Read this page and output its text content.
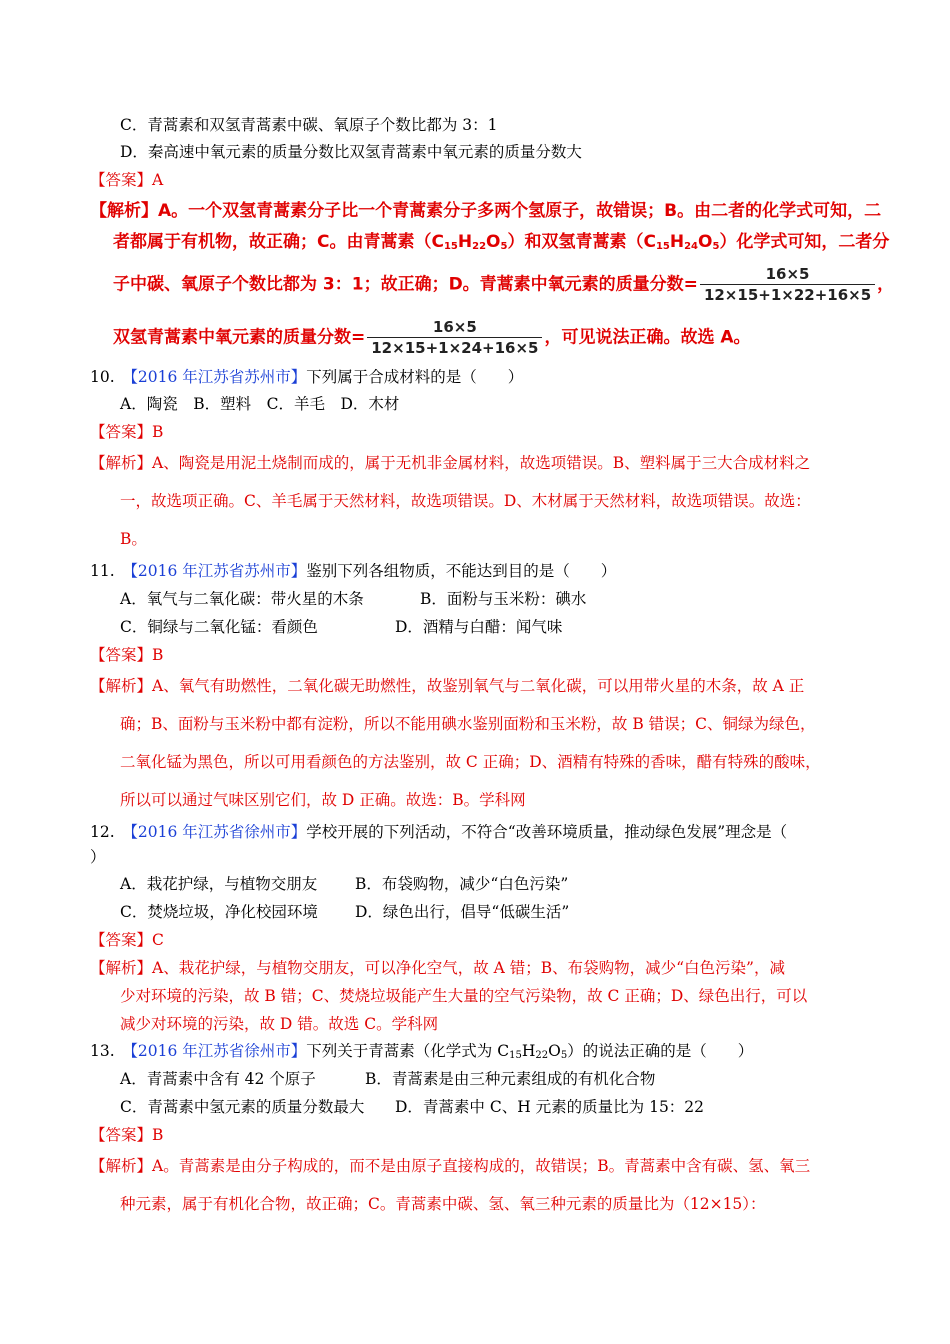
C．青蒿素和双氢青蒿素中碳、氧原子个数比都为 3：1
D．秦高速中氧元素的质量分数比双氢青蒿素中氧元素的质量分数大
【答案】A
【解析】A。一个双氢青蒿素分子比一个青蒿素分子多两个氢原子，故错误；B。由二者的化学式可知，二
者都属于有机物，故正确；C。由青蒿素$(C_{15}H_{22}O_5)$和双氢青蒿素$(C_{15}H_{24}O_5)$化学式可知，二者分
子中碳、氧原子个数比都为 3：1；故正确；D。青蒿素中氧元素的质量分数= $\frac{16\times 5}{12\times 15+1\times 22+16\times 5}$ ，
双氢青蒿素中氧元素的质量分数= $\frac{16\times 5}{12\times 15+1\times 24+16\times 5}$ ，可见说法正确。故选 A。
10.　 【2016 年江苏省苏州市】下列属于合成材料的是（　　）
A．陶瓷　B．塑料　C．羊毛　D．木材
【答案】B
【解析】A、陶瓷是用泥土烧制而成的，属于无机非金属材料，故选项错误。B、塑料属于三大合成材料之
一，故选项正确。C、羊毛属于天然材料，故选项错误。D、木材属于天然材料，故选项错误。故选：
B。
11.　 【2016 年江苏省苏州市】鉴别下列各组物质，不能达到目的是（　　）
A．氧气与二氧化碳：带火星的木条	B．面粉与玉米粉：碘水
C．铜绿与二氧化锰：看颜色	D．酒精与白醋：闻气味
【答案】B
【解析】A、氧气有助燃性，二氧化碳无助燃性，故鉴别氧气与二氧化碳，可以用带火星的木条，故 A 正
确；B、面粉与玉米粉中都有淀粉，所以不能用碘水鉴别面粉和玉米粉，故 B 错误；C、铜绿为绿色，
二氧化锰为黑色，所以可用看颜色的方法鉴别，故 C 正确；D、酒精有特殊的香味，醋有特殊的酸味，
所以可以通过气味区别它们，故 D 正确。故选：B。学科网
12.　 【2016 年江苏省徐州市】学校开展的下列活动，不符合“改善环境质量，推动绿色发展”理念是（
）
A．栽花护绿，与植物交朋友 B．布袋购物，减少“白色污染”
C．焚烧垃圾，净化校园环境 D．绿色出行，倡导“低碳生活”
【答案】C
【解析】A、栽花护绿，与植物交朋友，可以净化空气，故 A 错；B、布袋购物，减少“白色污染”，减
少对环境的污染，故 B 错；C、焚烧垃圾能产生大量的空气污染物，故 C 正确；D、绿色出行，可以
减少对环境的污染，故 D 错。故选 C。学科网
13.　 【2016 年江苏省徐州市】下列关于青蒿素（化学式为 $C_{15}H_{22}O_5$）的说法正确的是（　　）
A．青蒿素中含有 42 个原子	B．青蒿素是由三种元素组成的有机化合物
C．青蒿素中氢元素的质量分数最大 D．青蒿素中 C、H 元素的质量比为 15：22
【答案】B
【解析】A。青蒿素是由分子构成的，而不是由原子直接构成的，故错误；B。青蒿素中含有碳、氢、氧三
种元素，属于有机化合物，故正确；C。青蒿素中碳、氢、氧三种元素的质量比为（12×15）：
